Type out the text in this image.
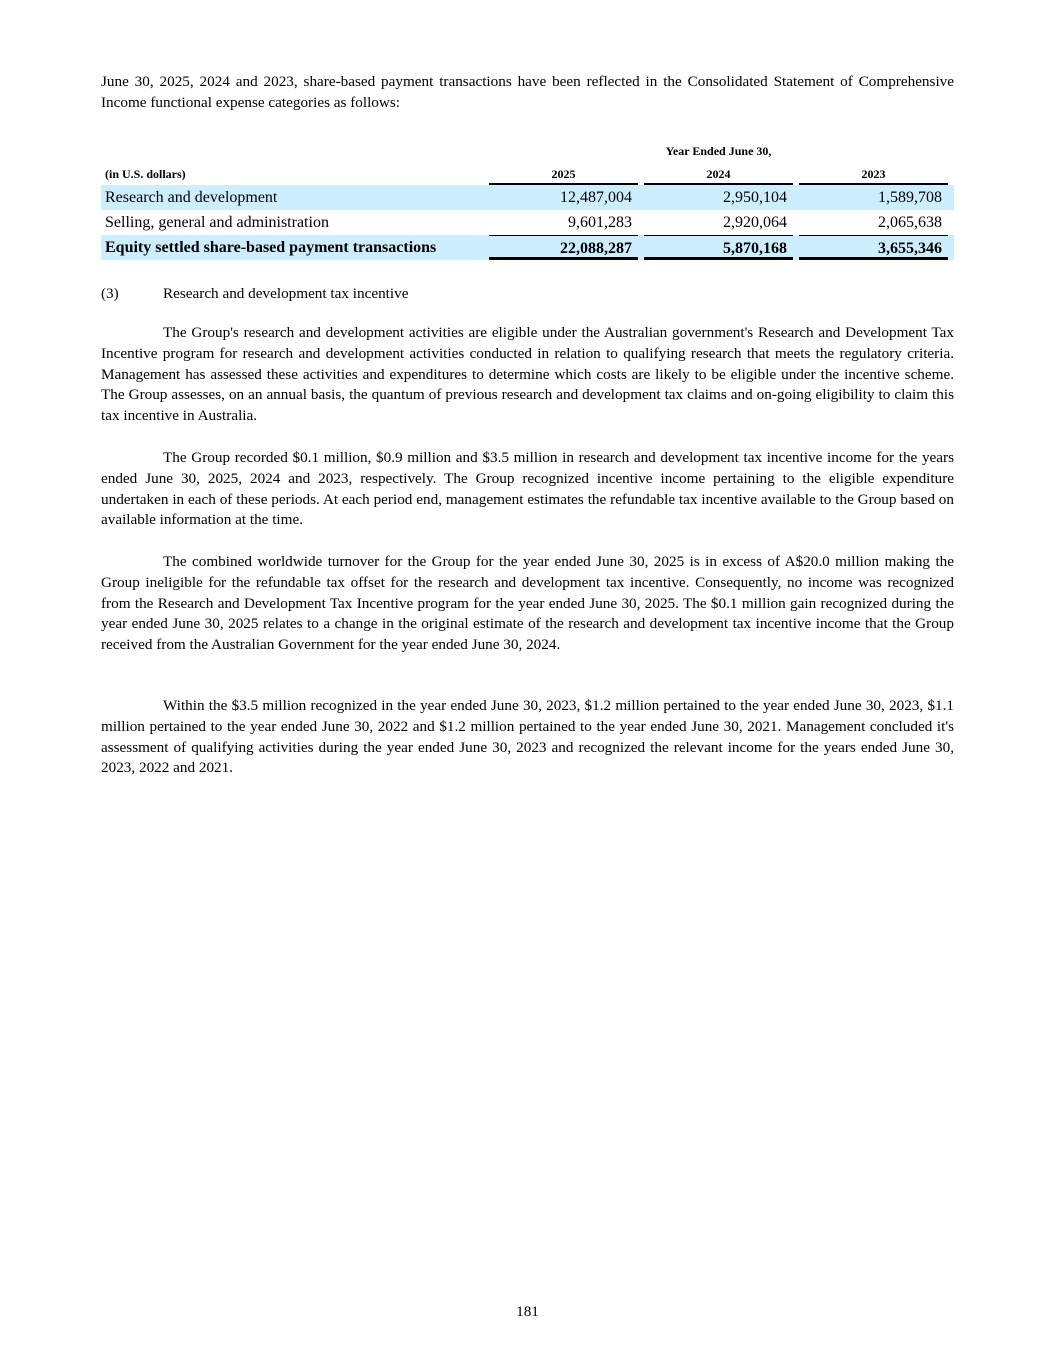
June 30, 2025, 2024 and 2023, share-based payment transactions have been reflected in the Consolidated Statement of Comprehensive Income functional expense categories as follows:

Year Ended June 30,
(in U.S. dollars)	2025	2024	2023
Research and development	12,487,004	2,950,104	1,589,708
Selling, general and administration	9,601,283	2,920,064	2,065,638
Equity settled share-based payment transactions	22,088,287	5,870,168	3,655,346
(3)	Research and development tax incentive

The Group's research and development activities are eligible under the Australian government's Research and Development Tax Incentive program for research and development activities conducted in relation to qualifying research that meets the regulatory criteria. Management has assessed these activities and expenditures to determine which costs are likely to be eligible under the incentive scheme. The Group assesses, on an annual basis, the quantum of previous research and development tax claims and on-going eligibility to claim this tax incentive in Australia.

The Group recorded $0.1 million, $0.9 million and $3.5 million in research and development tax incentive income for the years ended June 30, 2025, 2024 and 2023, respectively. The Group recognized incentive income pertaining to the eligible expenditure undertaken in each of these periods. At each period end, management estimates the refundable tax incentive available to the Group based on available information at the time.

The combined worldwide turnover for the Group for the year ended June 30, 2025 is in excess of A$20.0 million making the Group ineligible for the refundable tax offset for the research and development tax incentive. Consequently, no income was recognized from the Research and Development Tax Incentive program for the year ended June 30, 2025. The $0.1 million gain recognized during the year ended June 30, 2025 relates to a change in the original estimate of the research and development tax incentive income that the Group received from the Australian Government for the year ended June 30, 2024.

Within the $3.5 million recognized in the year ended June 30, 2023, $1.2 million pertained to the year ended June 30, 2023, $1.1 million pertained to the year ended June 30, 2022 and $1.2 million pertained to the year ended June 30, 2021. Management concluded it's assessment of qualifying activities during the year ended June 30, 2023 and recognized the relevant income for the years ended June 30, 2023, 2022 and 2021.

181
